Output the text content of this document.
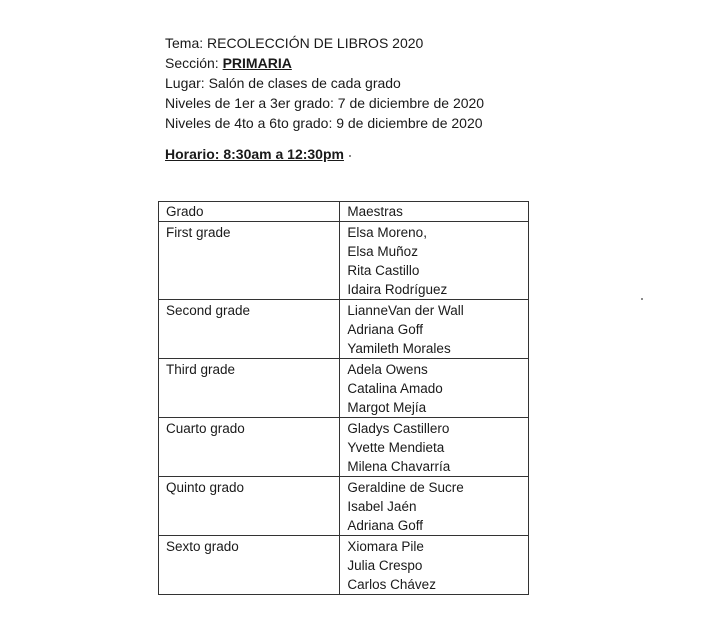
Tema: RECOLECCIÓN DE LIBROS 2020
Sección: PRIMARIA
Lugar: Salón de clases de cada grado
Niveles de 1er a 3er grado: 7 de diciembre de 2020
Niveles de 4to a 6to grado: 9 de diciembre de 2020
Horario: 8:30am a 12:30pm
Grado	Maestras

First grade	Elsa Moreno,
Elsa Muñoz
Rita Castillo
Idaira Rodríguez

Second grade	LianneVan der Wall
Adriana Goff
Yamileth Morales

Third grade	Adela Owens
Catalina Amado
Margot Mejía

Cuarto grado	Gladys Castillero
Yvette Mendieta
Milena Chavarría

Quinto grado	Geraldine de Sucre
Isabel Jaén
Adriana Goff

Sexto grado	Xiomara Pile
Julia Crespo
Carlos Chávez
